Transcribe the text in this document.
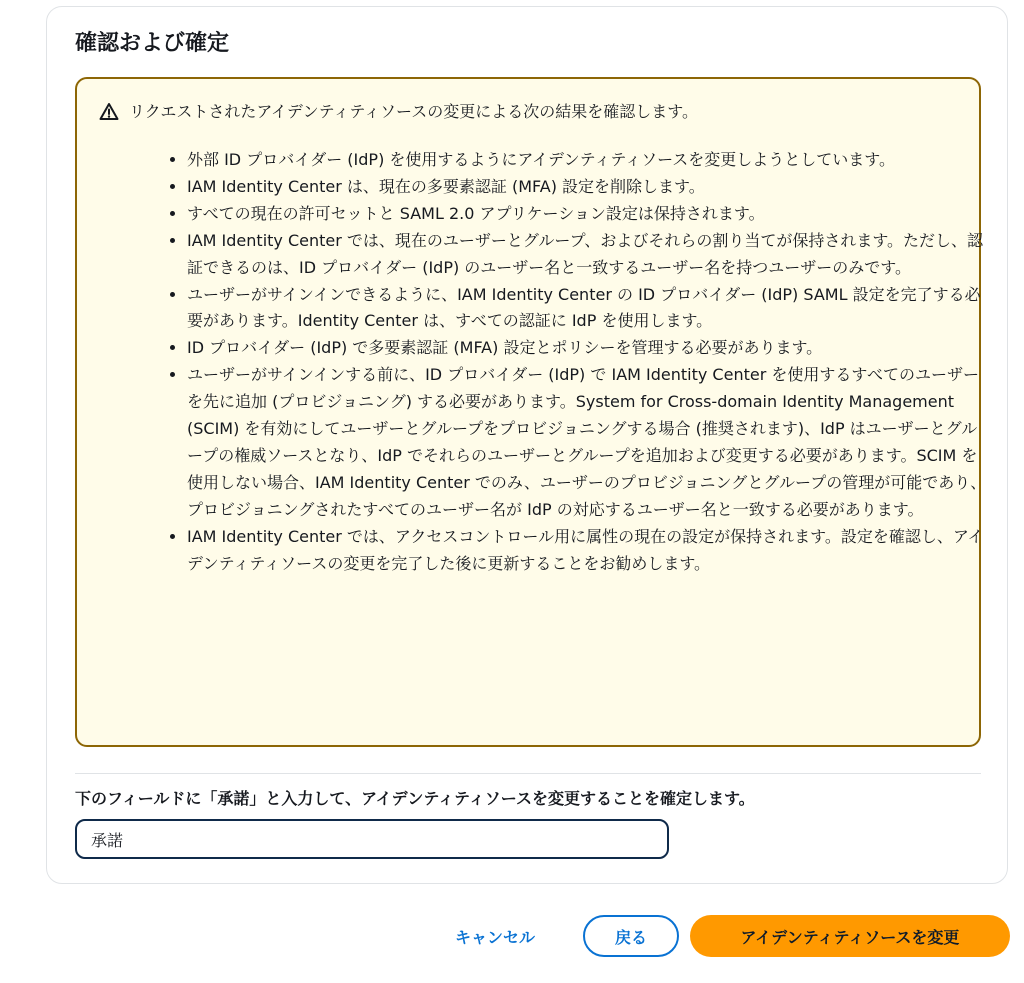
確認および確定
リクエストされたアイデンティティソースの変更による次の結果を確認します。
• 外部 ID プロバイダー (IdP) を使用するようにアイデンティティソースを変更しようとしています。
• IAM Identity Center は、現在の多要素認証 (MFA) 設定を削除します。
• すべての現在の許可セットと SAML 2.0 アプリケーション設定は保持されます。
• IAM Identity Center では、現在のユーザーとグループ、およびそれらの割り当てが保持されます。ただし、認証できるのは、ID プロバイダー (IdP) のユーザー名と一致するユーザー名を持つユーザーのみです。
• ユーザーがサインインできるように、IAM Identity Center の ID プロバイダー (IdP) SAML 設定を完了する必要があります。Identity Center は、すべての認証に IdP を使用します。
• ID プロバイダー (IdP) で多要素認証 (MFA) 設定とポリシーを管理する必要があります。
• ユーザーがサインインする前に、ID プロバイダー (IdP) で IAM Identity Center を使用するすべてのユーザーを先に追加 (プロビジョニング) する必要があります。System for Cross-domain Identity Management (SCIM) を有効にしてユーザーとグループをプロビジョニングする場合 (推奨されます)、IdP はユーザーとグループの権威ソースとなり、IdP でそれらのユーザーとグループを追加および変更する必要があります。SCIM を使用しない場合、IAM Identity Center でのみ、ユーザーのプロビジョニングとグループの管理が可能であり、プロビジョニングされたすべてのユーザー名が IdP の対応するユーザー名と一致する必要があります。
• IAM Identity Center では、アクセスコントロール用に属性の現在の設定が保持されます。設定を確認し、アイデンティティソースの変更を完了した後に更新することをお勧めします。
下のフィールドに「承諾」と入力して、アイデンティティソースを変更することを確定します。
承諾
キャンセル	戻る	アイデンティティソースを変更
